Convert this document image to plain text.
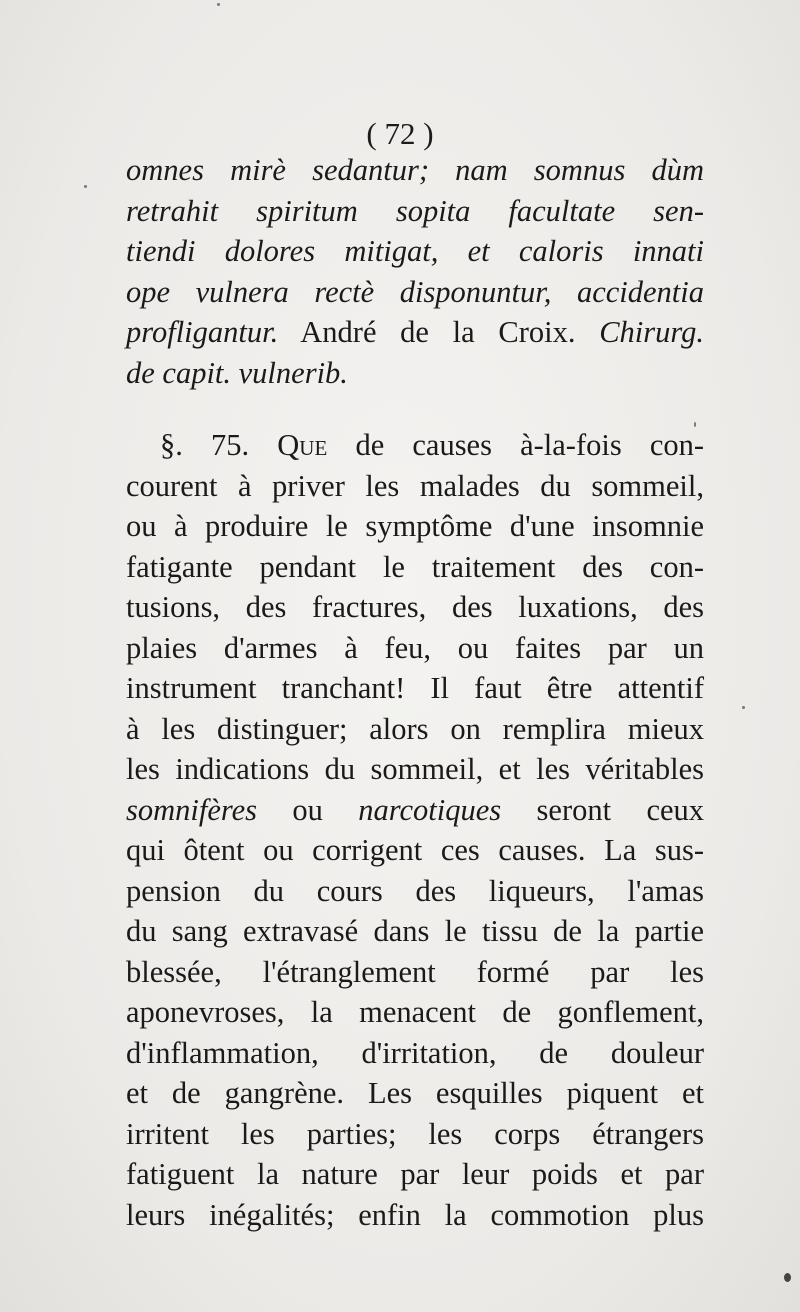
( 72 )
omnes mirè sedantur; nam somnus dùm
retrahit spiritum sopita facultate sen-
tiendi dolores mitigat, et caloris innati
ope vulnera rectè disponuntur, accidentia
profligantur. André de la Croix. Chirurg.
de capit. vulnerib.
§. 75. Que de causes à-la-fois con-
courent à priver les malades du sommeil,
ou à produire le symptôme d'une insomnie
fatigante pendant le traitement des con-
tusions, des fractures, des luxations, des
plaies d'armes à feu, ou faites par un
instrument tranchant! Il faut être attentif
à les distinguer; alors on remplira mieux
les indications du sommeil, et les véritables
somnifères ou narcotiques seront ceux
qui ôtent ou corrigent ces causes. La sus-
pension du cours des liqueurs, l'amas
du sang extravasé dans le tissu de la partie
blessée, l'étranglement formé par les
aponevroses, la menacent de gonflement,
d'inflammation, d'irritation, de douleur
et de gangrène. Les esquilles piquent et
irritent les parties; les corps étrangers
fatiguent la nature par leur poids et par
leurs inégalités; enfin la commotion plus
